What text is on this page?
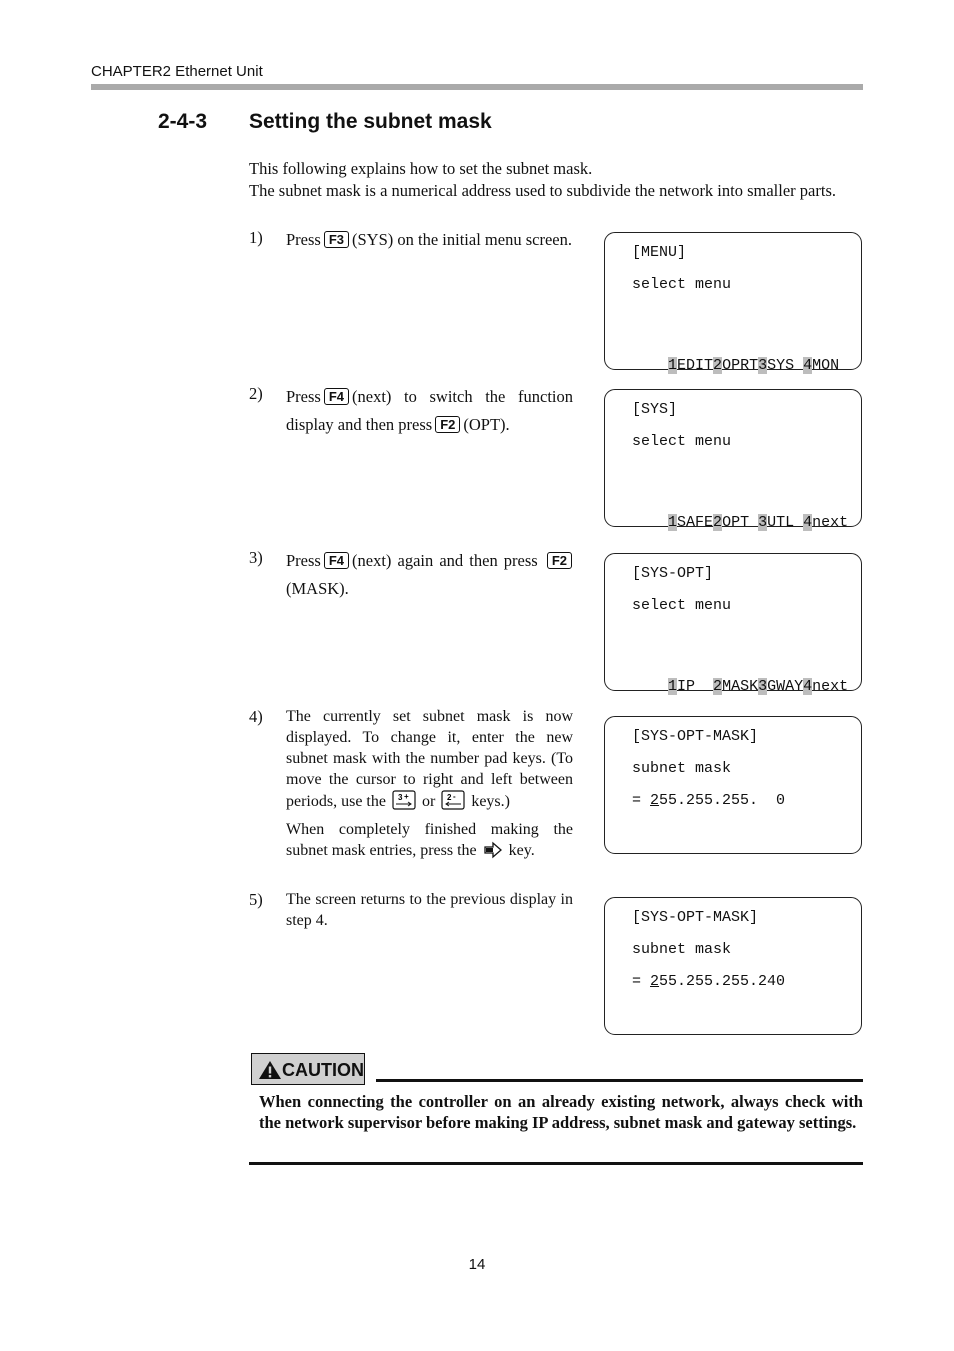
CHAPTER2 Ethernet Unit
2-4-3 Setting the subnet mask
This following explains how to set the subnet mask.
The subnet mask is a numerical address used to subdivide the network into smaller parts.
1) Press F3 (SYS) on the initial menu screen.
[MENU]
select menu

1EDIT2OPRT3SYS 4MON

2) Press F4 (next) to switch the function display and then press F2 (OPT).
[SYS]
select menu

1SAFE2OPT 3UTL 4next

3) Press F4 (next) again and then press F2(MASK).
[SYS-OPT]
select menu

1IP  2MASK3GWAY4next

4) The currently set subnet mask is now displayed. To change it, enter the new subnet mask with the number pad keys. (To move the cursor to right and left between periods, use the 3 + or 2 - keys.)

When completely finished making the subnet mask entries, press the key.

[SYS-OPT-MASK]
subnet mask
= 255.255.255.  0
5) The screen returns to the previous display in step 4.	[SYS-OPT-MASK]
subnet mask
= 255.255.255.240
CAUTION
When connecting the controller on an already existing network, always check with the network supervisor before making IP address, subnet mask and gateway settings.
14
